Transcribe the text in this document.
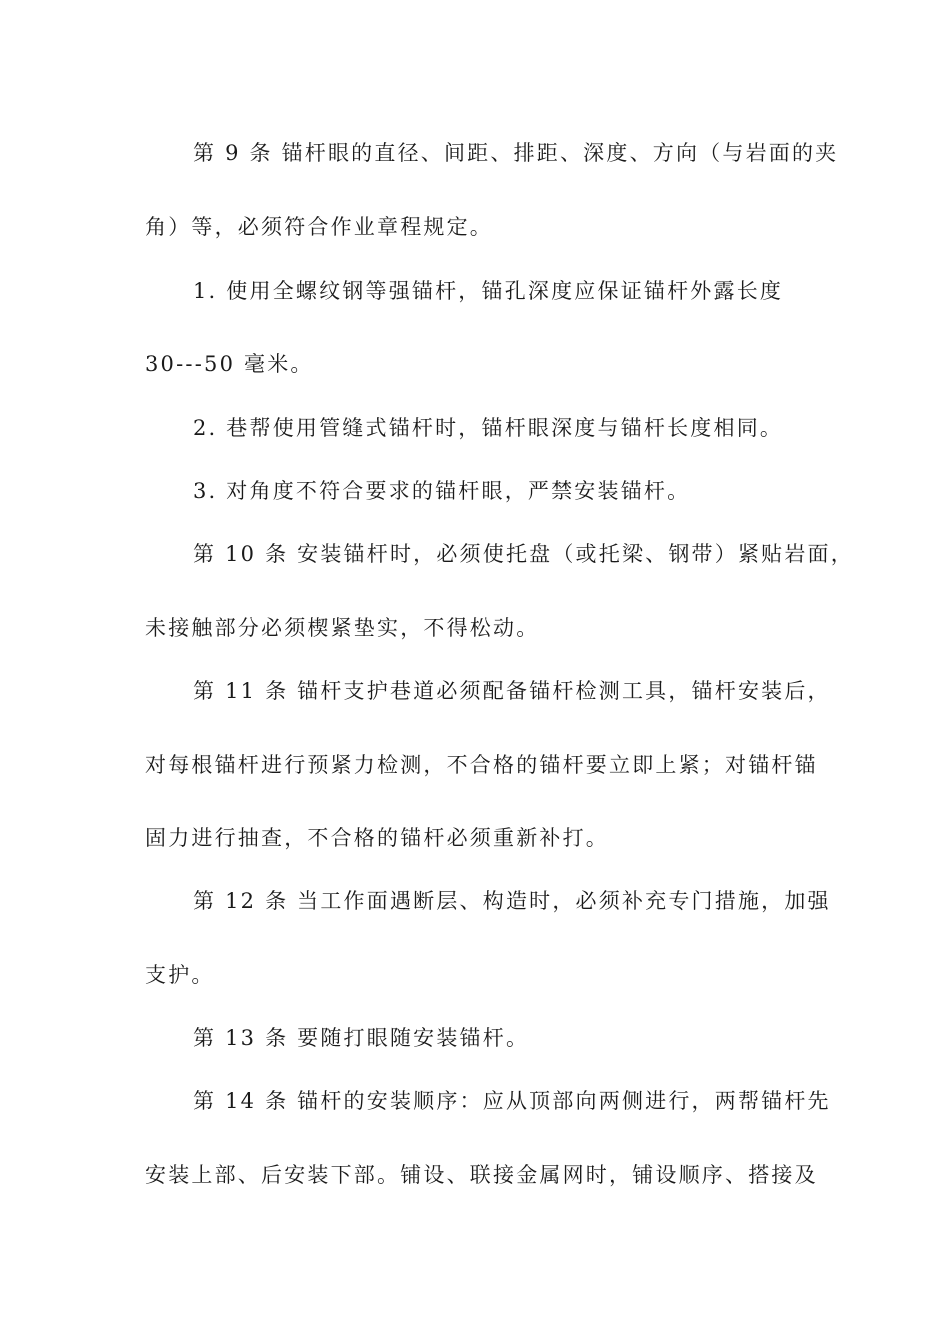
第 9 条 锚杆眼的直径、间距、排距、深度、方向（与岩面的夹
角）等，必须符合作业章程规定。
1. 使用全螺纹钢等强锚杆，锚孔深度应保证锚杆外露长度
30---50 毫米。
2. 巷帮使用管缝式锚杆时，锚杆眼深度与锚杆长度相同。
3. 对角度不符合要求的锚杆眼，严禁安装锚杆。
第 10 条 安装锚杆时，必须使托盘（或托梁、钢带）紧贴岩面，
未接触部分必须楔紧垫实，不得松动。
第 11 条 锚杆支护巷道必须配备锚杆检测工具，锚杆安装后，
对每根锚杆进行预紧力检测，不合格的锚杆要立即上紧；对锚杆锚
固力进行抽查，不合格的锚杆必须重新补打。
第 12 条 当工作面遇断层、构造时，必须补充专门措施，加强
支护。
第 13 条 要随打眼随安装锚杆。
第 14 条 锚杆的安装顺序：应从顶部向两侧进行，两帮锚杆先
安装上部、后安装下部。铺设、联接金属网时，铺设顺序、搭接及
